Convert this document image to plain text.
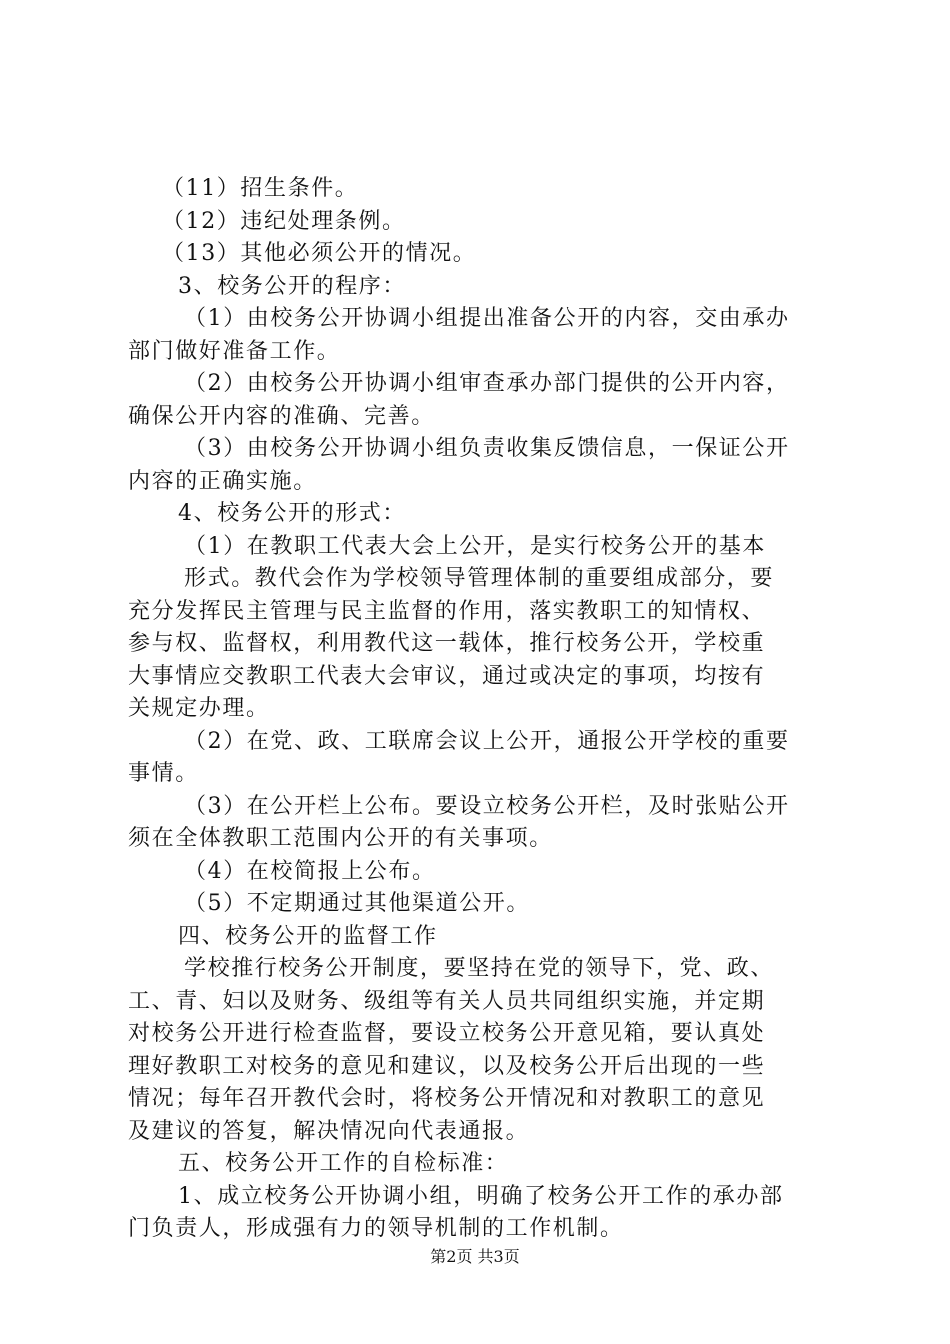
（11）招生条件。
（12）违纪处理条例。
（13）其他必须公开的情况。
3、校务公开的程序：
（1）由校务公开协调小组提出准备公开的内容，交由承办
部门做好准备工作。
（2）由校务公开协调小组审查承办部门提供的公开内容，
确保公开内容的准确、完善。
（3）由校务公开协调小组负责收集反馈信息，一保证公开
内容的正确实施。
4、校务公开的形式：
（1）在教职工代表大会上公开，是实行校务公开的基本
形式。教代会作为学校领导管理体制的重要组成部分，要
充分发挥民主管理与民主监督的作用，落实教职工的知情权、
参与权、监督权，利用教代这一载体，推行校务公开，学校重
大事情应交教职工代表大会审议，通过或决定的事项，均按有
关规定办理。
（2）在党、政、工联席会议上公开，通报公开学校的重要
事情。
（3）在公开栏上公布。要设立校务公开栏，及时张贴公开
须在全体教职工范围内公开的有关事项。
（4）在校简报上公布。
（5）不定期通过其他渠道公开。
四、校务公开的监督工作
学校推行校务公开制度，要坚持在党的领导下，党、政、
工、青、妇以及财务、级组等有关人员共同组织实施，并定期
对校务公开进行检查监督，要设立校务公开意见箱，要认真处
理好教职工对校务的意见和建议，以及校务公开后出现的一些
情况；每年召开教代会时，将校务公开情况和对教职工的意见
及建议的答复，解决情况向代表通报。
五、校务公开工作的自检标准：
1、成立校务公开协调小组，明确了校务公开工作的承办部
门负责人，形成强有力的领导机制的工作机制。
第2页 共3页
